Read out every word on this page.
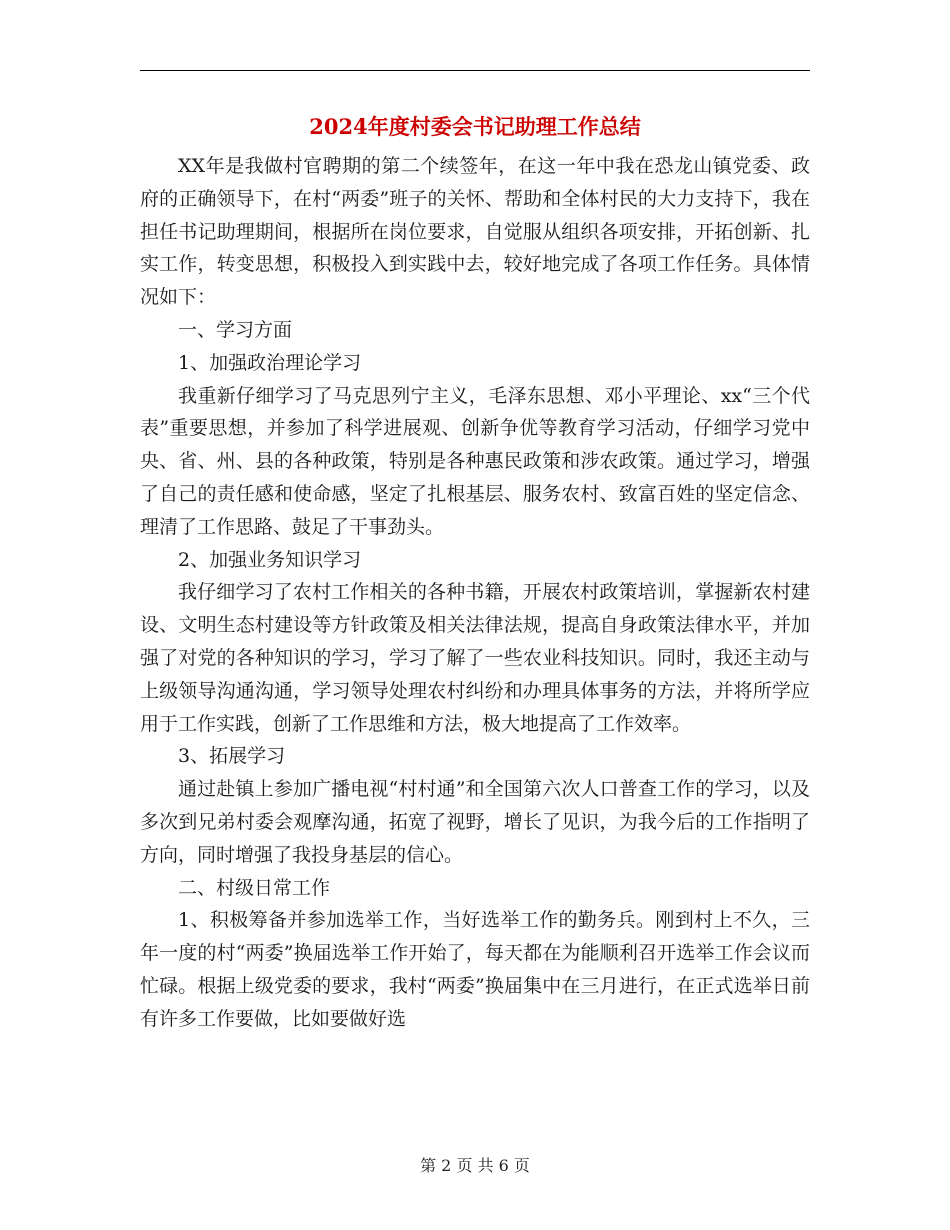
2024年度村委会书记助理工作总结

XX年是我做村官聘期的第二个续签年，在这一年中我在恐龙山镇党委、政府的正确领导下，在村“两委”班子的关怀、帮助和全体村民的大力支持下，我在担任书记助理期间，根据所在岗位要求，自觉服从组织各项安排，开拓创新、扎实工作，转变思想，积极投入到实践中去，较好地完成了各项工作任务。具体情况如下：

一、学习方面

1、加强政治理论学习

我重新仔细学习了马克思列宁主义，毛泽东思想、邓小平理论、xx“三个代表”重要思想，并参加了科学进展观、创新争优等教育学习活动，仔细学习党中央、省、州、县的各种政策，特别是各种惠民政策和涉农政策。通过学习，增强了自己的责任感和使命感，坚定了扎根基层、服务农村、致富百姓的坚定信念、理清了工作思路、鼓足了干事劲头。

2、加强业务知识学习

我仔细学习了农村工作相关的各种书籍，开展农村政策培训，掌握新农村建设、文明生态村建设等方针政策及相关法律法规，提高自身政策法律水平，并加强了对党的各种知识的学习，学习了解了一些农业科技知识。同时，我还主动与上级领导沟通沟通，学习领导处理农村纠纷和办理具体事务的方法，并将所学应用于工作实践，创新了工作思维和方法，极大地提高了工作效率。

3、拓展学习

通过赴镇上参加广播电视“村村通”和全国第六次人口普查工作的学习，以及多次到兄弟村委会观摩沟通，拓宽了视野，增长了见识，为我今后的工作指明了方向，同时增强了我投身基层的信心。

二、村级日常工作

1、积极筹备并参加选举工作，当好选举工作的勤务兵。刚到村上不久，三年一度的村“两委”换届选举工作开始了，每天都在为能顺利召开选举工作会议而忙碌。根据上级党委的要求，我村“两委”换届集中在三月进行，在正式选举日前有许多工作要做，比如要做好选

第 2 页 共 6 页
